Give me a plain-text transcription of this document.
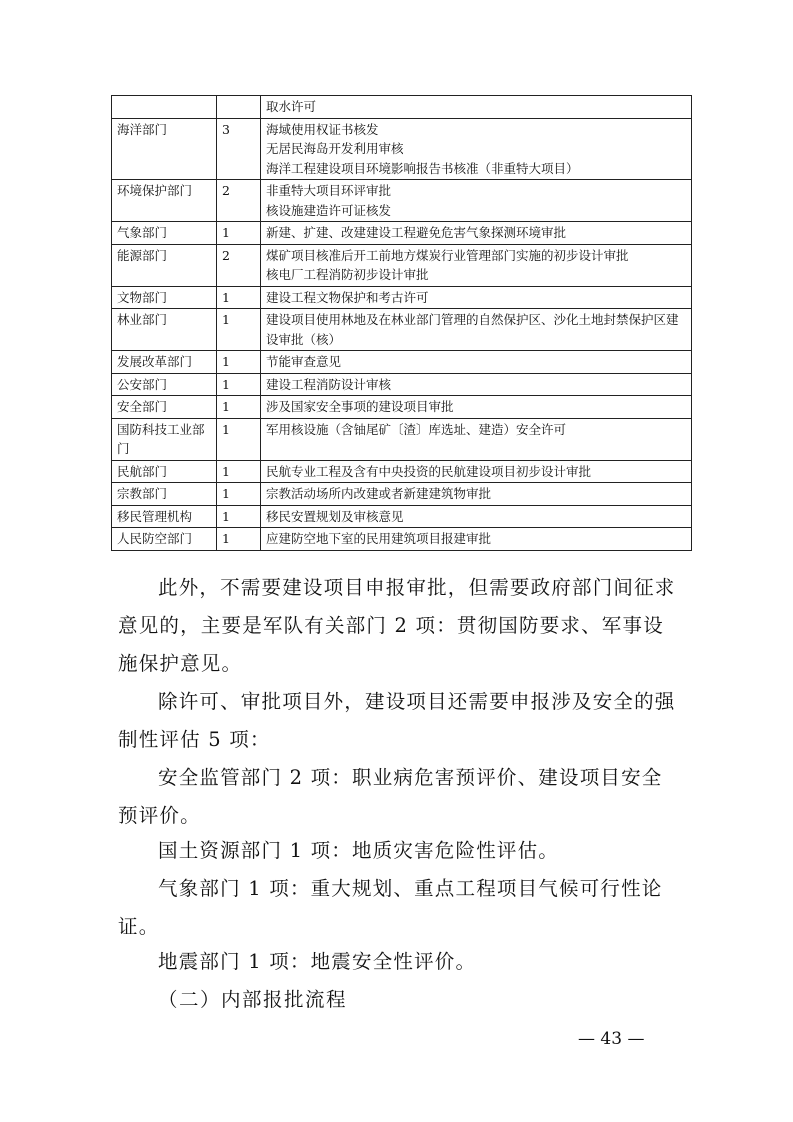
		取水许可

海洋部门	3	海域使用权证书核发
无居民海岛开发利用审核
海洋工程建设项目环境影响报告书核准（非重特大项目）

环境保护部门	2	非重特大项目环评审批
核设施建造许可证核发

气象部门	1	新建、扩建、改建建设工程避免危害气象探测环境审批

能源部门	2	煤矿项目核准后开工前地方煤炭行业管理部门实施的初步设计审批
核电厂工程消防初步设计审批

文物部门	1	建设工程文物保护和考古许可

林业部门	1	建设项目使用林地及在林业部门管理的自然保护区、沙化土地封禁保护区建设审批（核）

发展改革部门	1	节能审查意见

公安部门	1	建设工程消防设计审核

安全部门	1	涉及国家安全事项的建设项目审批

国防科技工业部门	1	军用核设施（含铀尾矿〔渣〕库选址、建造）安全许可

民航部门	1	民航专业工程及含有中央投资的民航建设项目初步设计审批

宗教部门	1	宗教活动场所内改建或者新建建筑物审批

移民管理机构	1	移民安置规划及审核意见

人民防空部门	1	应建防空地下室的民用建筑项目报建审批

此外，不需要建设项目申报审批，但需要政府部门间征求意见的，主要是军队有关部门 2 项：贯彻国防要求、军事设施保护意见。

除许可、审批项目外，建设项目还需要申报涉及安全的强制性评估 5 项：

安全监管部门 2 项：职业病危害预评价、建设项目安全预评价。

国土资源部门 1 项：地质灾害危险性评估。

气象部门 1 项：重大规划、重点工程项目气候可行性论证。

地震部门 1 项：地震安全性评价。

（二）内部报批流程

— 43 —
